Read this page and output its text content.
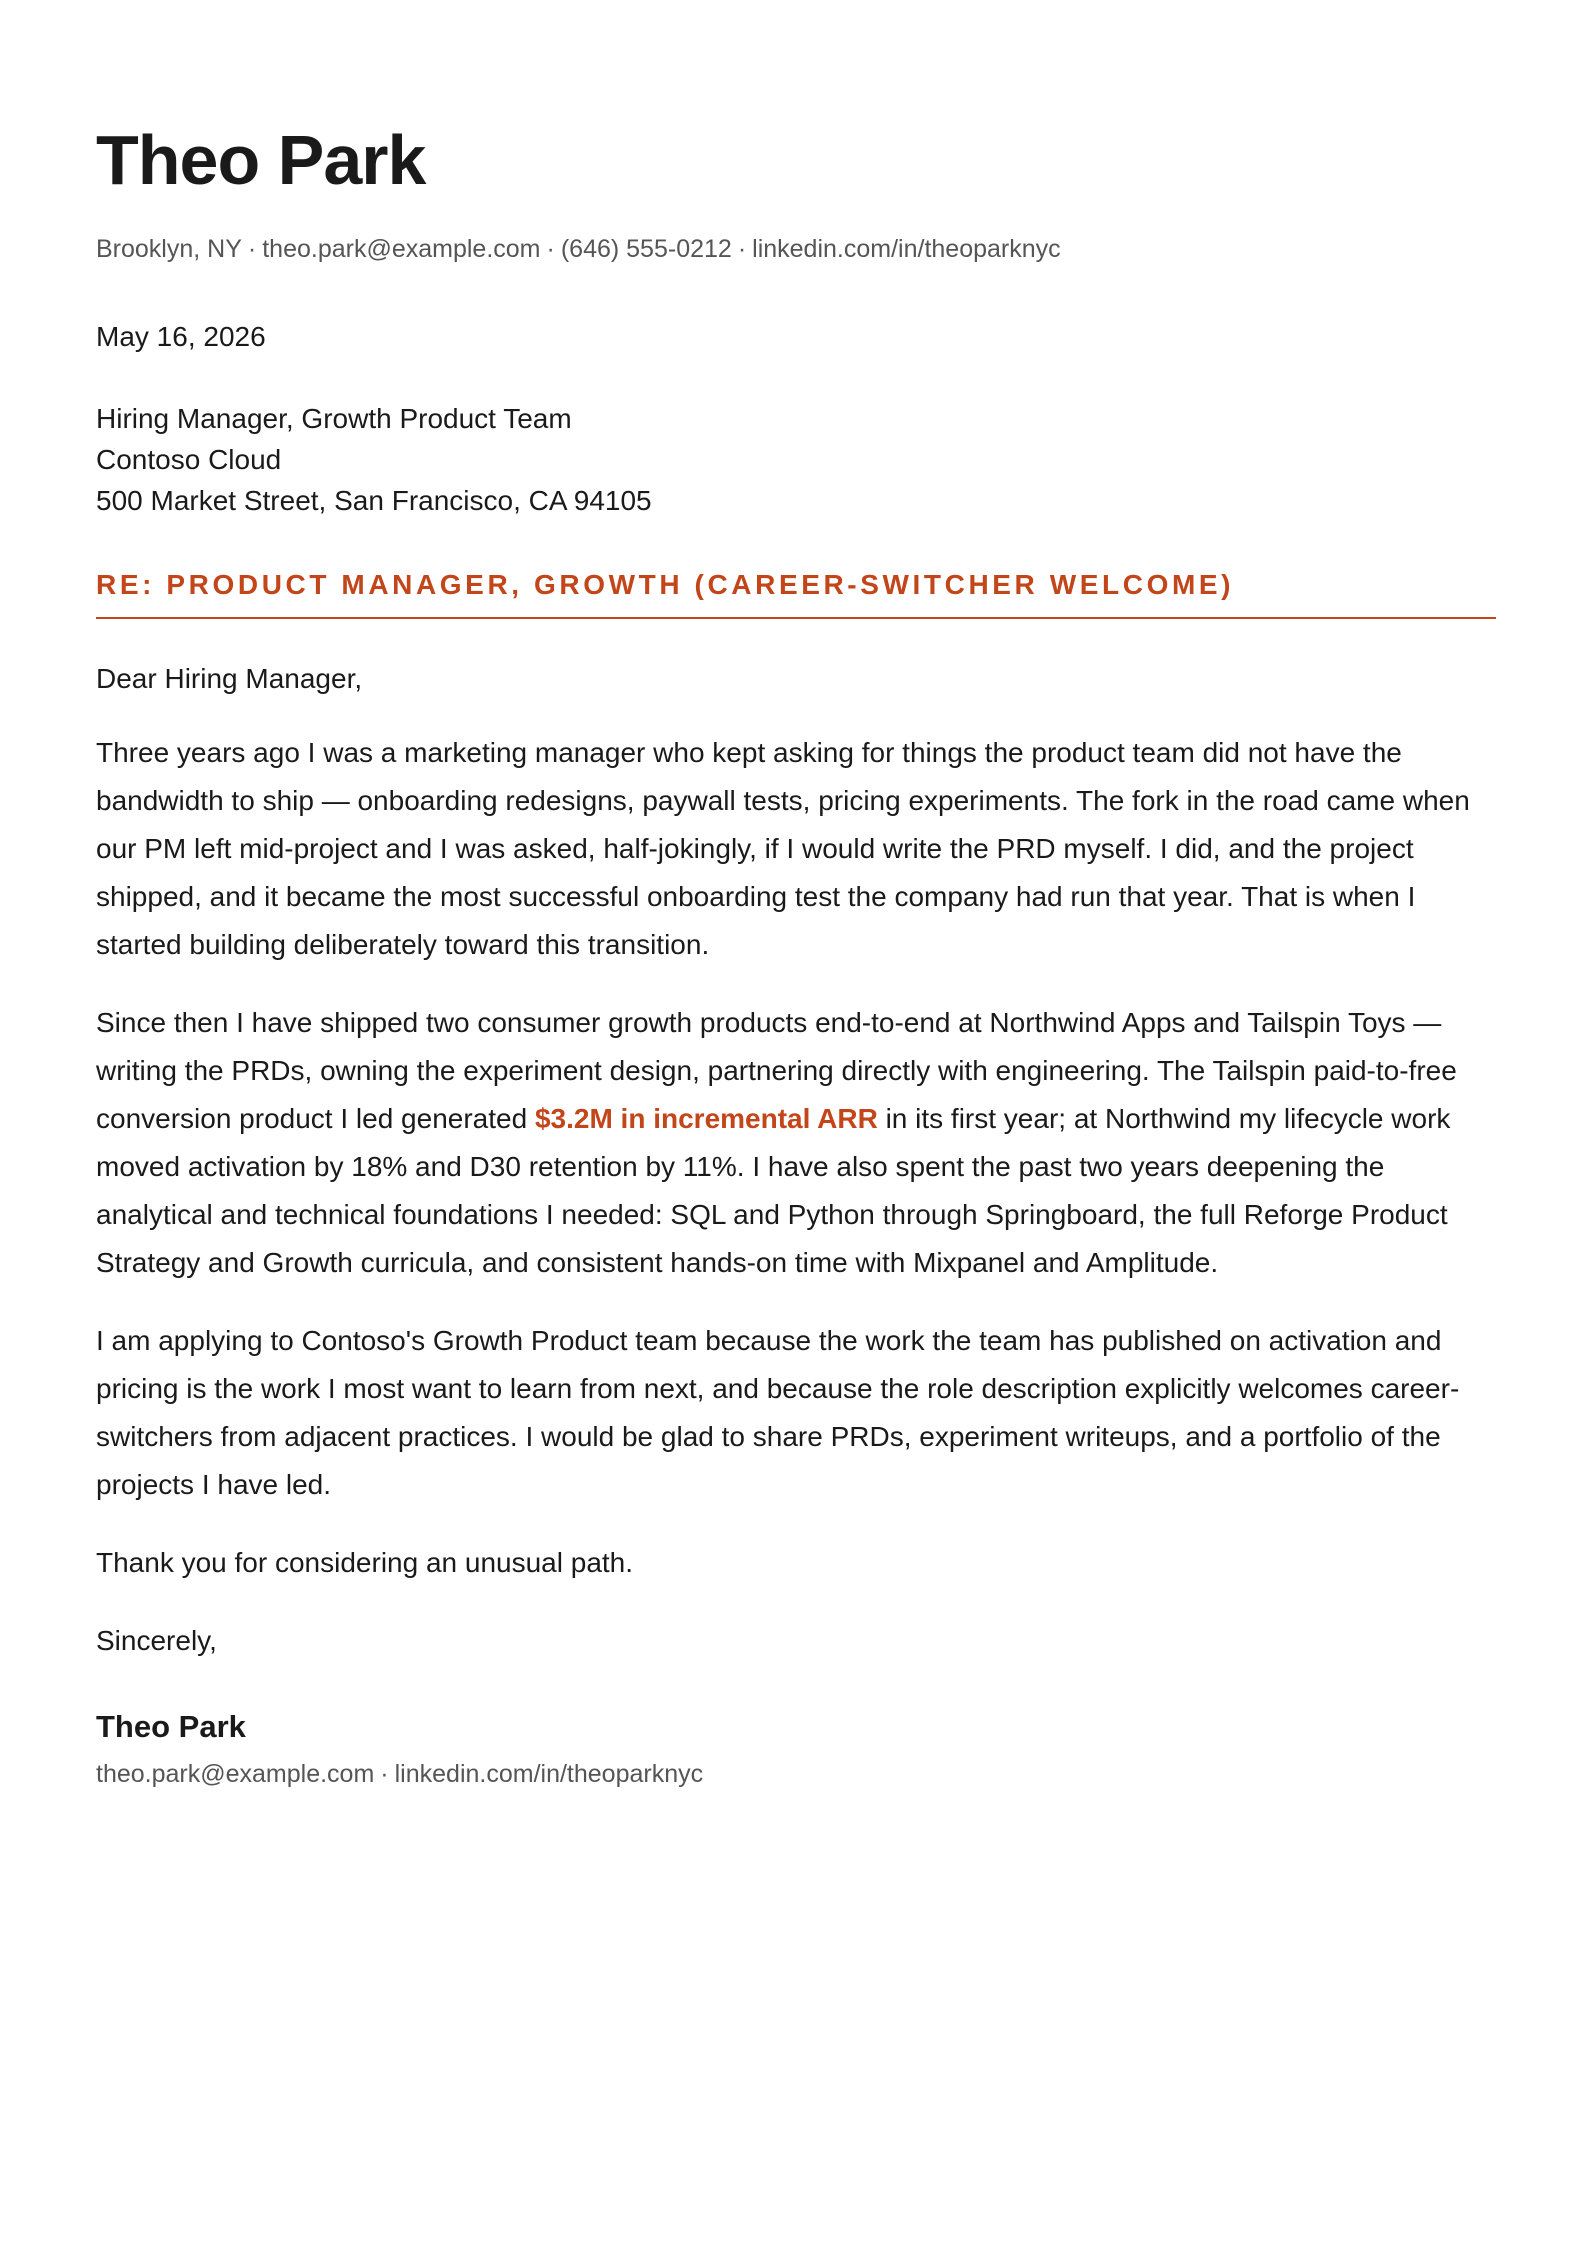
Theo Park
Brooklyn, NY · theo.park@example.com · (646) 555-0212 · linkedin.com/in/theoparknyc
May 16, 2026
Hiring Manager, Growth Product Team
Contoso Cloud
500 Market Street, San Francisco, CA 94105
RE: PRODUCT MANAGER, GROWTH (CAREER-SWITCHER WELCOME)
Dear Hiring Manager,
Three years ago I was a marketing manager who kept asking for things the product team did not have the bandwidth to ship — onboarding redesigns, paywall tests, pricing experiments. The fork in the road came when our PM left mid-project and I was asked, half-jokingly, if I would write the PRD myself. I did, and the project shipped, and it became the most successful onboarding test the company had run that year. That is when I started building deliberately toward this transition.
Since then I have shipped two consumer growth products end-to-end at Northwind Apps and Tailspin Toys — writing the PRDs, owning the experiment design, partnering directly with engineering. The Tailspin paid-to-free conversion product I led generated $3.2M in incremental ARR in its first year; at Northwind my lifecycle work moved activation by 18% and D30 retention by 11%. I have also spent the past two years deepening the analytical and technical foundations I needed: SQL and Python through Springboard, the full Reforge Product Strategy and Growth curricula, and consistent hands-on time with Mixpanel and Amplitude.
I am applying to Contoso's Growth Product team because the work the team has published on activation and pricing is the work I most want to learn from next, and because the role description explicitly welcomes career-switchers from adjacent practices. I would be glad to share PRDs, experiment writeups, and a portfolio of the projects I have led.
Thank you for considering an unusual path.
Sincerely,
Theo Park
theo.park@example.com · linkedin.com/in/theoparknyc
